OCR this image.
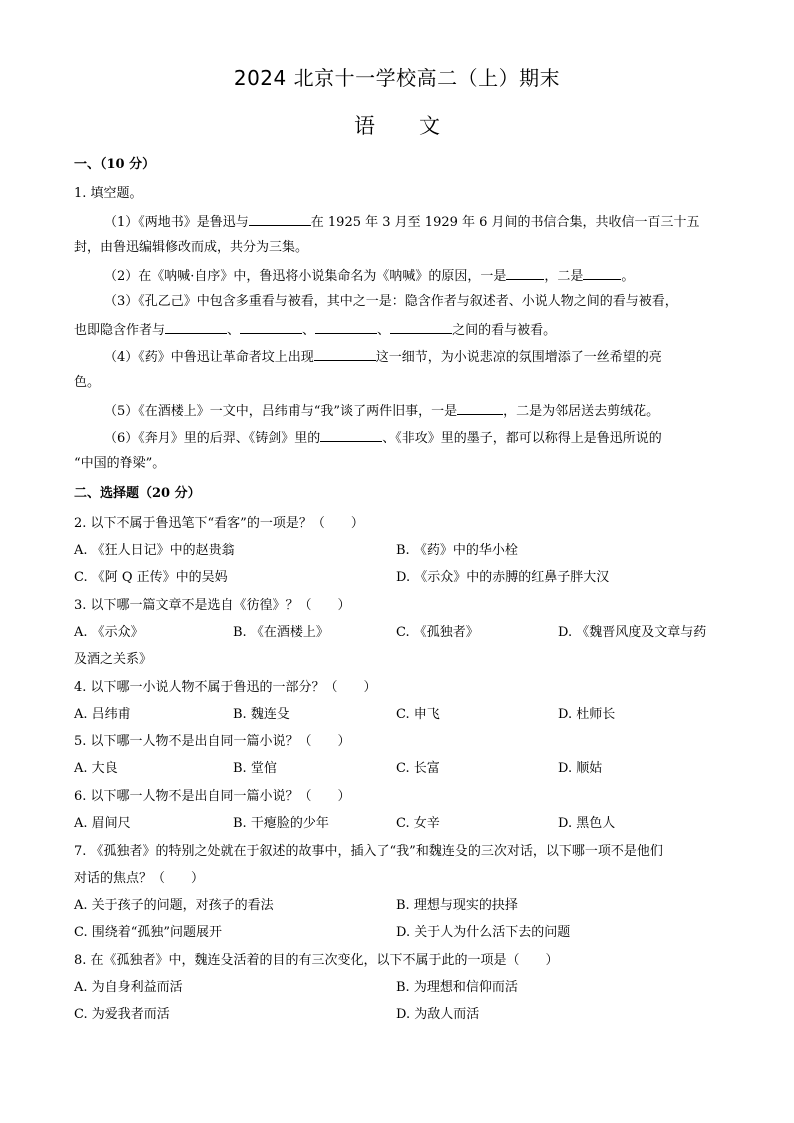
2024 北京十一学校高二（上）期末
语 文
一、（10 分）
1. 填空题。
（1）《两地书》是鲁迅与	在 1925 年 3 月至 1929 年 6 月间的书信合集，共收信一百三十五
封，由鲁迅编辑修改而成，共分为三集。
（2）在《呐喊·自序》中，鲁迅将小说集命名为《呐喊》的原因，一是	，二是	。
（3）《孔乙己》中包含多重看与被看，其中之一是：隐含作者与叙述者、小说人物之间的看与被看，
也即隐含作者与	、	、	、	之间的看与被看。
（4）《药》中鲁迅让革命者坟上出现	这一细节，为小说悲凉的氛围增添了一丝希望的亮
色。
（5）《在酒楼上》一文中，吕纬甫与“我”谈了两件旧事，一是	，二是为邻居送去剪绒花。
（6）《奔月》里的后羿、《铸剑》里的	、《非攻》里的墨子，都可以称得上是鲁迅所说的
“中国的脊梁”。
二、选择题（20 分）
2. 以下不属于鲁迅笔下“看客”的一项是？（　　）
A. 《狂人日记》中的赵贵翁	B. 《药》中的华小栓
C. 《阿 Q 正传》中的吴妈	D. 《示众》中的赤膊的红鼻子胖大汉
3. 以下哪一篇文章不是选自《彷徨》？（　　）
A. 《示众》	B. 《在酒楼上》	C. 《孤独者》	D. 《魏晋风度及文章与药
及酒之关系》
4. 以下哪一小说人物不属于鲁迅的一部分？（　　）
A. 吕纬甫	B. 魏连殳	C. 申飞	D. 杜师长
5. 以下哪一人物不是出自同一篇小说？（　　）
A. 大良	B. 堂倌	C. 长富	D. 顺姑
6. 以下哪一人物不是出自同一篇小说？（　　）
A. 眉间尺	B. 干瘪脸的少年	C. 女辛	D. 黑色人
7. 《孤独者》的特别之处就在于叙述的故事中，插入了“我”和魏连殳的三次对话，以下哪一项不是他们
对话的焦点？（　　）
A. 关于孩子的问题，对孩子的看法	B. 理想与现实的抉择
C. 围绕着“孤独”问题展开	D. 关于人为什么活下去的问题
8. 在《孤独者》中，魏连殳活着的目的有三次变化，以下不属于此的一项是（　　）
A. 为自身利益而活	B. 为理想和信仰而活
C. 为爱我者而活	D. 为敌人而活
